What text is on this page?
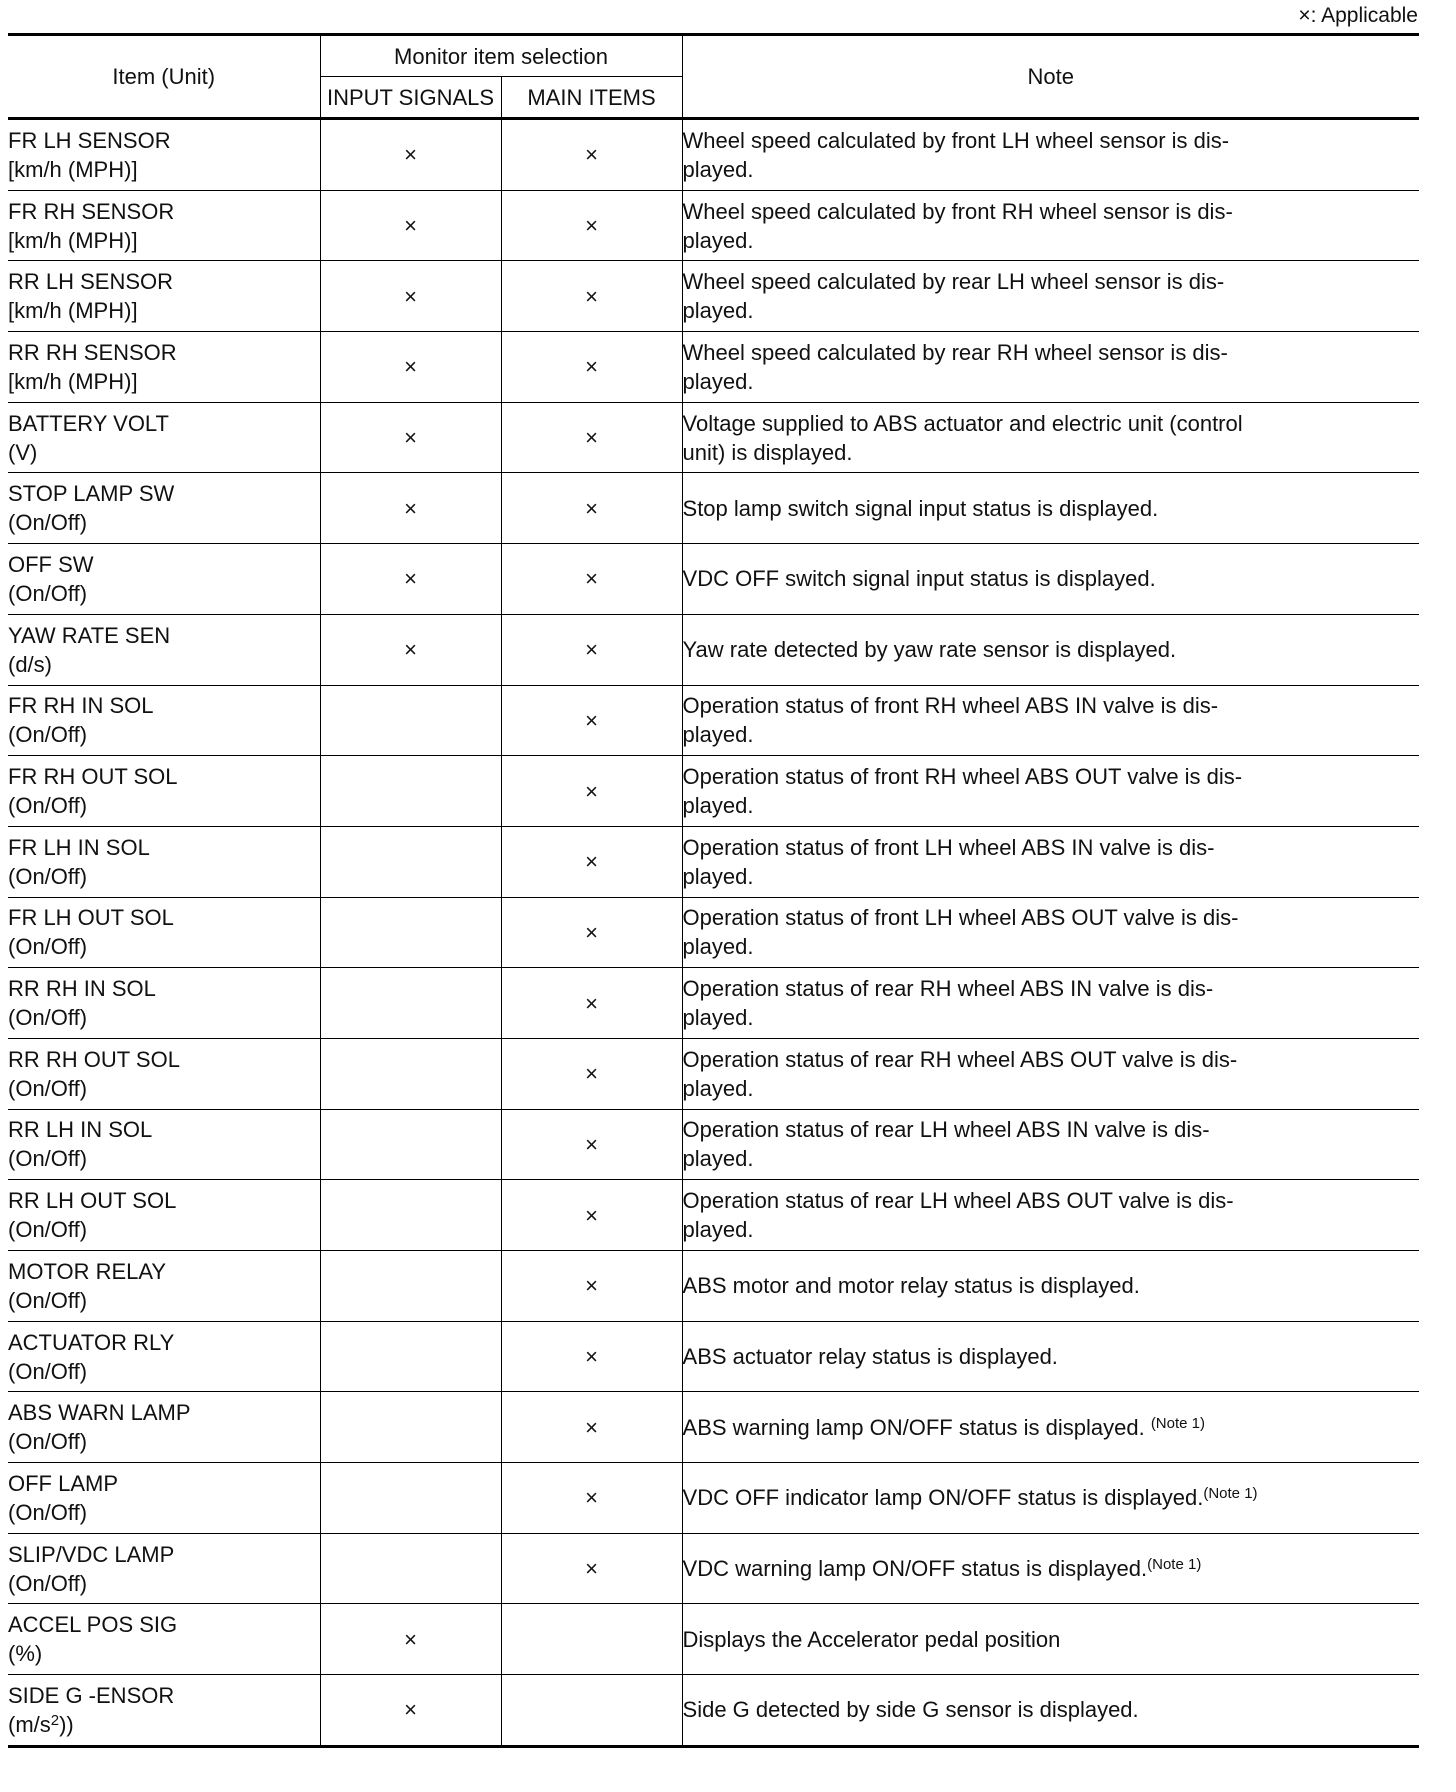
×: Applicable
Item (Unit)	Monitor item selection		Note
	INPUT SIGNALS	MAIN ITEMS	

FR LH SENSOR
[km/h (MPH)]	×	×	Wheel speed calculated by front LH wheel sensor is dis-
played.

FR RH SENSOR
[km/h (MPH)]	×	×	Wheel speed calculated by front RH wheel sensor is dis-
played.

RR LH SENSOR
[km/h (MPH)]	×	×	Wheel speed calculated by rear LH wheel sensor is dis-
played.

RR RH SENSOR
[km/h (MPH)]	×	×	Wheel speed calculated by rear RH wheel sensor is dis-
played.

BATTERY VOLT
(V)	×	×	Voltage supplied to ABS actuator and electric unit (control
unit) is displayed.

STOP LAMP SW
(On/Off)	×	×	Stop lamp switch signal input status is displayed.

OFF SW
(On/Off)	×	×	VDC OFF switch signal input status is displayed.

YAW RATE SEN
(d/s)	×	×	Yaw rate detected by yaw rate sensor is displayed.

FR RH IN SOL
(On/Off)		×	Operation status of front RH wheel ABS IN valve is dis-
played.

FR RH OUT SOL
(On/Off)		×	Operation status of front RH wheel ABS OUT valve is dis-
played.

FR LH IN SOL
(On/Off)		×	Operation status of front LH wheel ABS IN valve is dis-
played.

FR LH OUT SOL
(On/Off)		×	Operation status of front LH wheel ABS OUT valve is dis-
played.

RR RH IN SOL
(On/Off)		×	Operation status of rear RH wheel ABS IN valve is dis-
played.

RR RH OUT SOL
(On/Off)		×	Operation status of rear RH wheel ABS OUT valve is dis-
played.

RR LH IN SOL
(On/Off)		×	Operation status of rear LH wheel ABS IN valve is dis-
played.

RR LH OUT SOL
(On/Off)		×	Operation status of rear LH wheel ABS OUT valve is dis-
played.

MOTOR RELAY
(On/Off)		×	ABS motor and motor relay status is displayed.

ACTUATOR RLY
(On/Off)		×	ABS actuator relay status is displayed.

ABS WARN LAMP
(On/Off)		×	ABS warning lamp ON/OFF status is displayed. $^{(Note 1)}$

OFF LAMP
(On/Off)		×	VDC OFF indicator lamp ON/OFF status is displayed.$^{(Note 1)}$

SLIP/VDC LAMP
(On/Off)		×	VDC warning lamp ON/OFF status is displayed.$^{(Note 1)}$

ACCEL POS SIG
(%)	×		Displays the Accelerator pedal position

SIDE G -ENSOR
$(m/s^2)$)	×		Side G detected by side G sensor is displayed.
